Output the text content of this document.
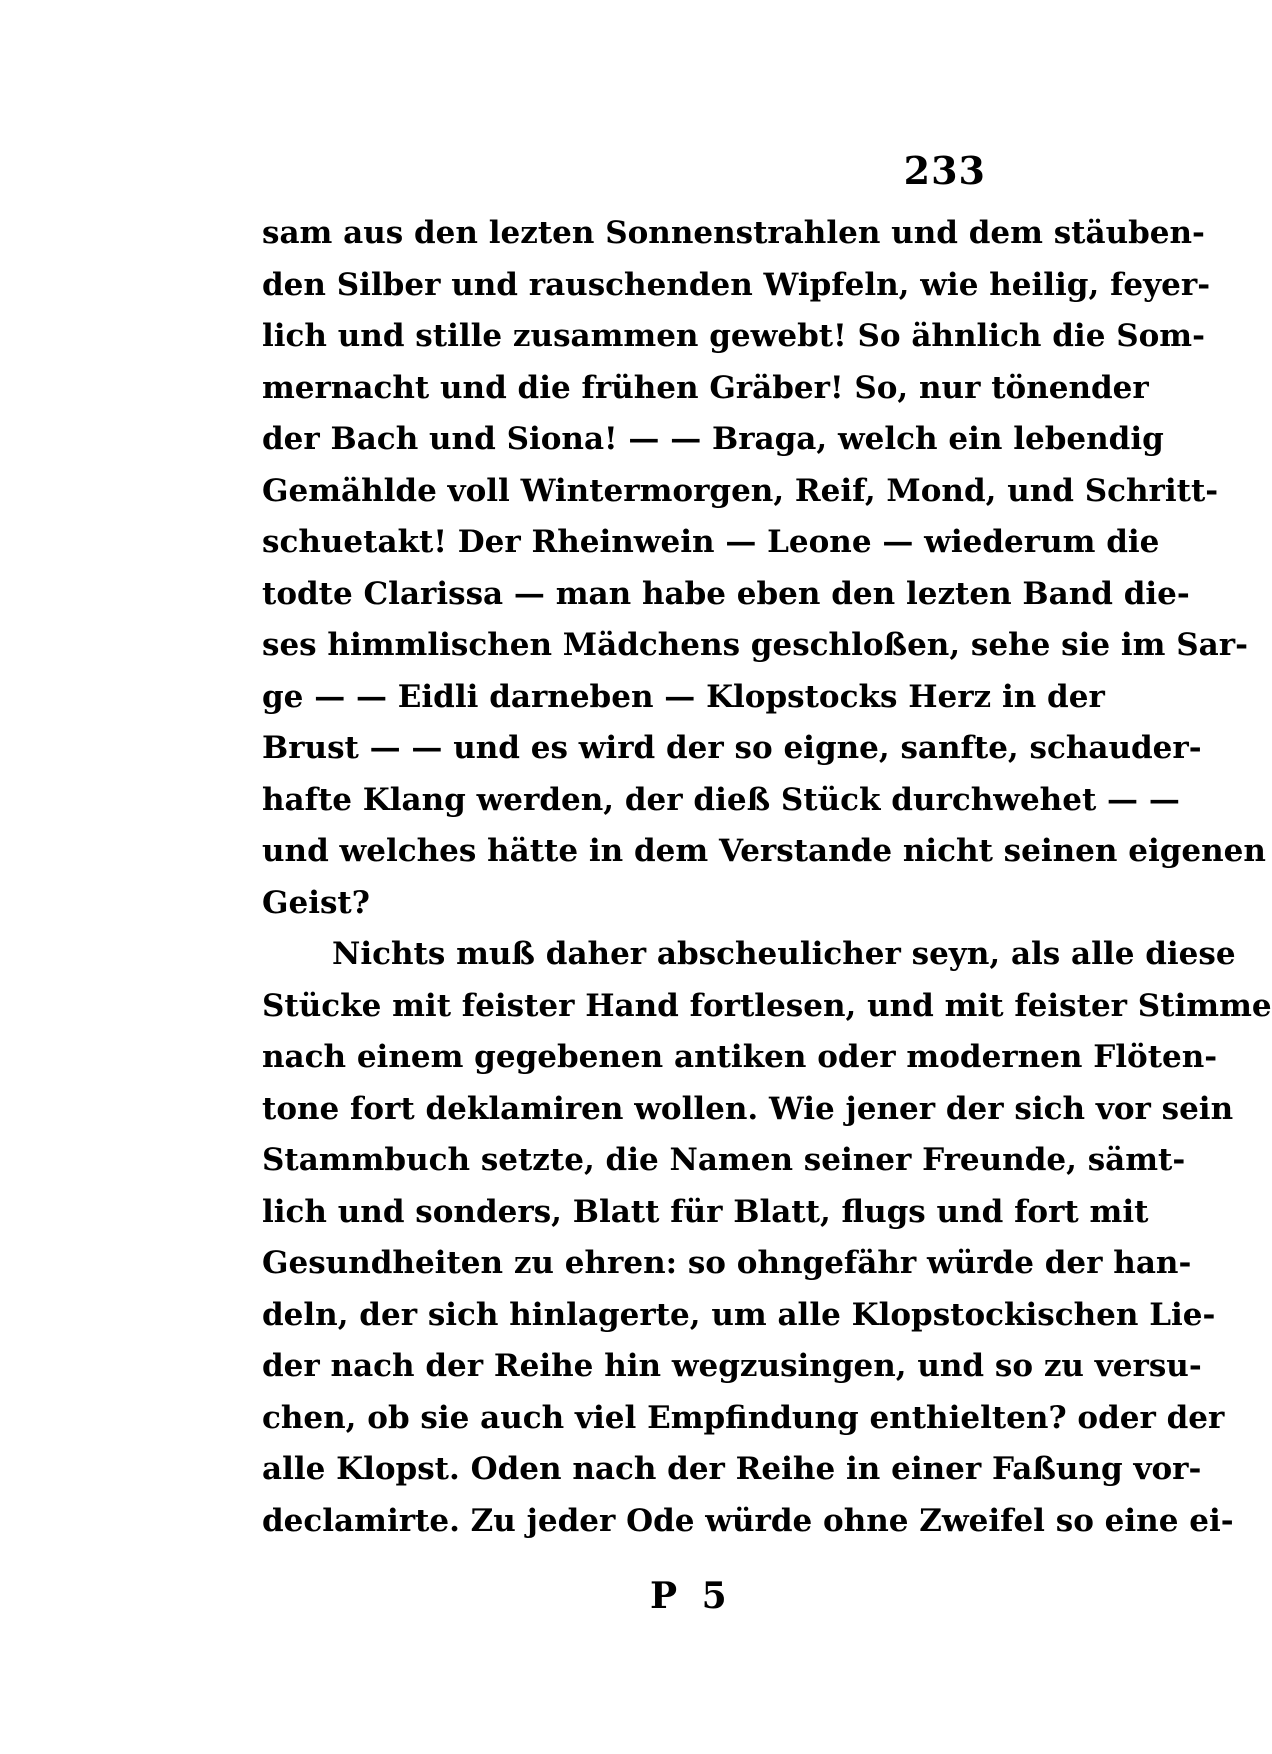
233
sam aus den lezten Sonnenstrahlen und dem stäuben-
den Silber und rauschenden Wipfeln, wie heilig, feyer-
lich und stille zusammen gewebt! So ähnlich die Som-
mernacht und die frühen Gräber! So, nur tönender
der Bach und Siona! — — Braga, welch ein lebendig
Gemählde voll Wintermorgen, Reif, Mond, und Schritt-
schuetakt! Der Rheinwein — Leone — wiederum die
todte Clarissa — man habe eben den lezten Band die-
ses himmlischen Mädchens geschloßen, sehe sie im Sar-
ge — — Eidli darneben — Klopstocks Herz in der
Brust — — und es wird der so eigne, sanfte, schauder-
hafte Klang werden, der dieß Stück durchwehet — —
und welches hätte in dem Verstande nicht seinen eigenen
Geist?
Nichts muß daher abscheulicher seyn, als alle diese
Stücke mit feister Hand fortlesen, und mit feister Stimme
nach einem gegebenen antiken oder modernen Flöten-
tone fort deklamiren wollen. Wie jener der sich vor sein
Stammbuch setzte, die Namen seiner Freunde, sämt-
lich und sonders, Blatt für Blatt, flugs und fort mit
Gesundheiten zu ehren: so ohngefähr würde der han-
deln, der sich hinlagerte, um alle Klopstockischen Lie-
der nach der Reihe hin wegzusingen, und so zu versu-
chen, ob sie auch viel Empfindung enthielten? oder der
alle Klopst. Oden nach der Reihe in einer Faßung vor-
declamirte. Zu jeder Ode würde ohne Zweifel so eine ei-
P 5
